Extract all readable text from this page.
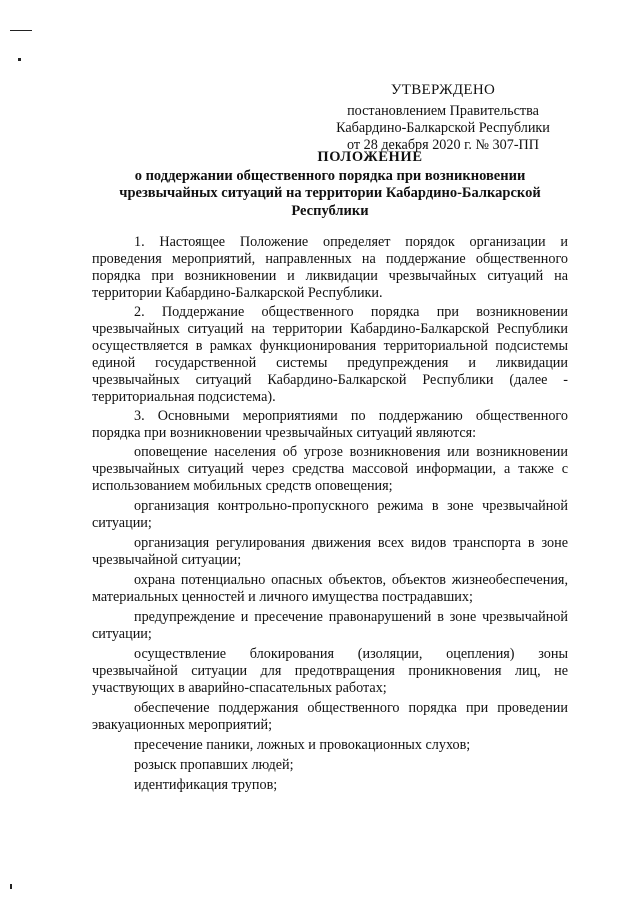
УТВЕРЖДЕНО
постановлением Правительства
Кабардино-Балкарской Республики
от 28 декабря 2020 г. № 307-ПП
ПОЛОЖЕНИЕ
о поддержании общественного порядка при возникновении чрезвычайных ситуаций на территории Кабардино-Балкарской Республики

1. Настоящее Положение определяет порядок организации и проведения мероприятий, направленных на поддержание общественного порядка при возникновении и ликвидации чрезвычайных ситуаций на территории Кабардино-Балкарской Республики.

2. Поддержание общественного порядка при возникновении чрезвычайных ситуаций на территории Кабардино-Балкарской Республики осуществляется в рамках функционирования территориальной подсистемы единой государственной системы предупреждения и ликвидации чрезвычайных ситуаций Кабардино-Балкарской Республики (далее - территориальная подсистема).

3. Основными мероприятиями по поддержанию общественного порядка при возникновении чрезвычайных ситуаций являются:

оповещение населения об угрозе возникновения или возникновении чрезвычайных ситуаций через средства массовой информации, а также с использованием мобильных средств оповещения;

организация контрольно-пропускного режима в зоне чрезвычайной ситуации;

организация регулирования движения всех видов транспорта в зоне чрезвычайной ситуации;

охрана потенциально опасных объектов, объектов жизнеобеспечения, материальных ценностей и личного имущества пострадавших;

предупреждение и пресечение правонарушений в зоне чрезвычайной ситуации;

осуществление блокирования (изоляции, оцепления) зоны чрезвычайной ситуации для предотвращения проникновения лиц, не участвующих в аварийно-спасательных работах;

обеспечение поддержания общественного порядка при проведении эвакуационных мероприятий;

пресечение паники, ложных и провокационных слухов;

розыск пропавших людей;

идентификация трупов;
